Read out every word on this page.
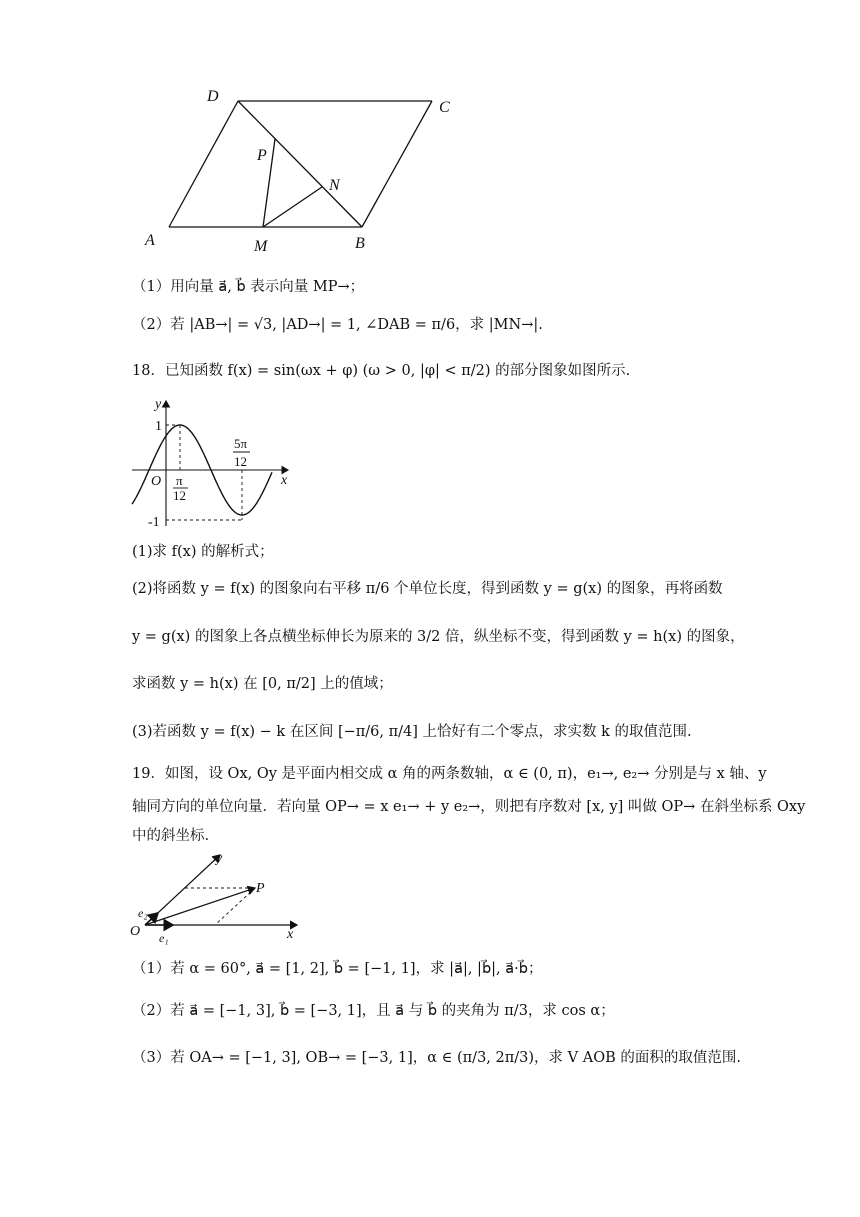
D
C
P
N
A	M	B
（1）用向量 a⃗, b⃗ 表示向量 MP→；
（2）若 |AB→| = √3, |AD→| = 1, ∠DAB = π/6，求 |MN→|.
18．已知函数 f(x) = sin(ωx + φ) (ω > 0, |φ| < π/2) 的部分图象如图所示.
y
x
O
1
-1
π
12
5π
12
(1)求 f(x) 的解析式；
(2)将函数 y = f(x) 的图象向右平移 π/6 个单位长度，得到函数 y = g(x) 的图象，再将函数
y = g(x) 的图象上各点横坐标伸长为原来的 3/2 倍，纵坐标不变，得到函数 y = h(x) 的图象，
求函数 y = h(x) 在 [0, π/2] 上的值域；
(3)若函数 y = f(x) − k 在区间 [−π/6, π/4] 上恰好有二个零点，求实数 k 的取值范围.
19．如图，设 Ox, Oy 是平面内相交成 α 角的两条数轴，α ∈ (0, π)，e₁→, e₂→ 分别是与 x 轴、y
轴同方向的单位向量．若向量 OP→ = x e₁→ + y e₂→，则把有序数对 [x, y] 叫做 OP→ 在斜坐标系 Oxy
中的斜坐标.
y
x
O
P
e₁
e₂
（1）若 α = 60°, a⃗ = [1, 2], b⃗ = [−1, 1]，求 |a⃗|, |b⃗|, a⃗·b⃗；
（2）若 a⃗ = [−1, 3], b⃗ = [−3, 1]，且 a⃗ 与 b⃗ 的夹角为 π/3，求 cos α；
（3）若 OA→ = [−1, 3], OB→ = [−3, 1]，α ∈ (π/3, 2π/3)，求 V AOB 的面积的取值范围.
